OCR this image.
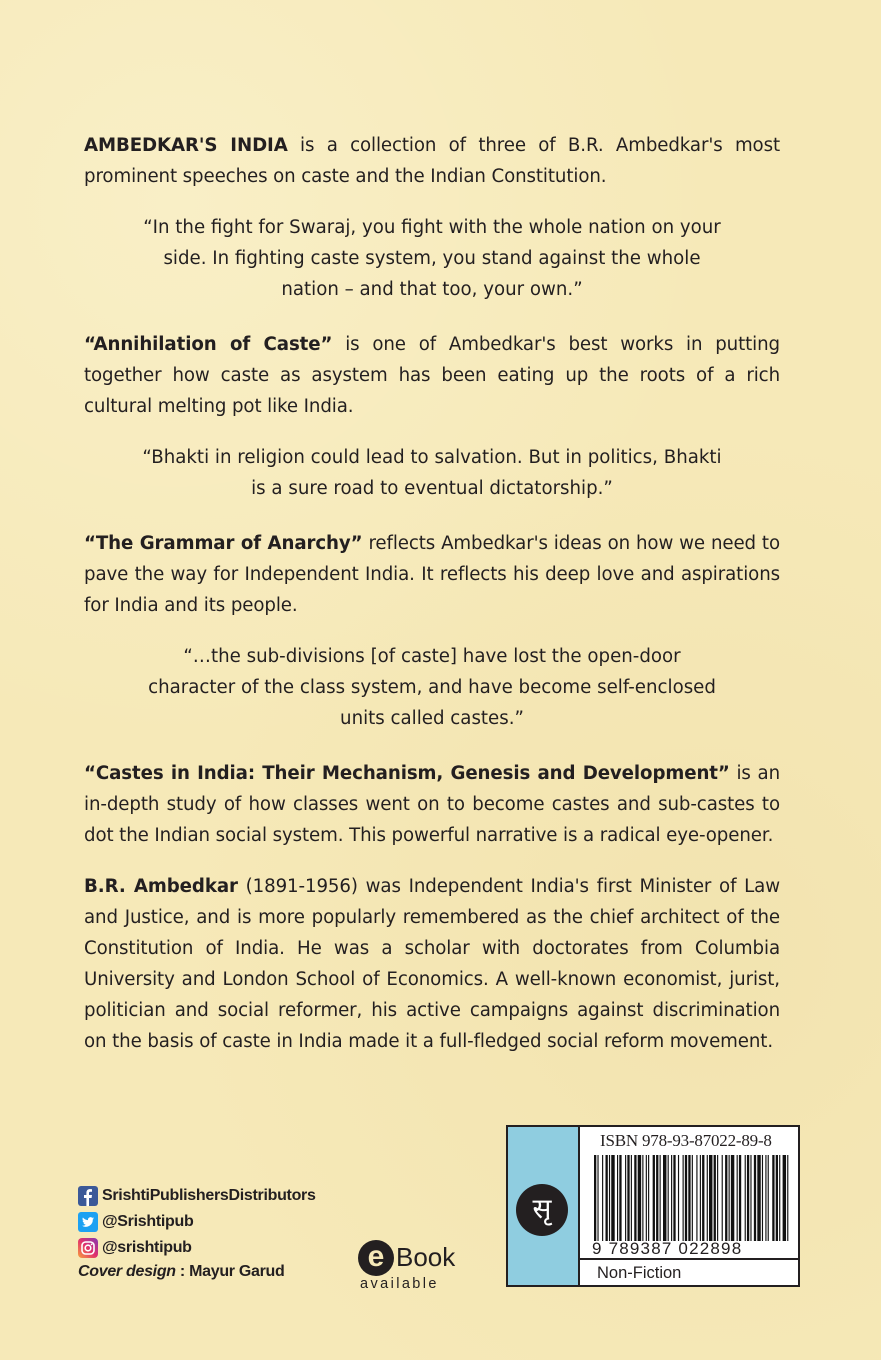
AMBEDKAR'S INDIA is a collection of three of B.R. Ambedkar's most prominent speeches on caste and the Indian Constitution.

“In the fight for Swaraj, you fight with the whole nation on your side. In fighting caste system, you stand against the whole nation – and that too, your own.”

“Annihilation of Caste” is one of Ambedkar's best works in putting together how caste as asystem has been eating up the roots of a rich cultural melting pot like India.

“Bhakti in religion could lead to salvation. But in politics, Bhakti is a sure road to eventual dictatorship.”

“The Grammar of Anarchy” reflects Ambedkar's ideas on how we need to pave the way for Independent India. It reflects his deep love and aspirations for India and its people.

“…the sub-divisions [of caste] have lost the open-door character of the class system, and have become self-enclosed units called castes.”

“Castes in India: Their Mechanism, Genesis and Development” is an in-depth study of how classes went on to become castes and sub-castes to dot the Indian social system. This powerful narrative is a radical eye-opener.

B.R. Ambedkar (1891-1956) was Independent India's first Minister of Law and Justice, and is more popularly remembered as the chief architect of the Constitution of India. He was a scholar with doctorates from Columbia University and London School of Economics. A well-known economist, jurist, politician and social reformer, his active campaigns against discrimination on the basis of caste in India made it a full-fledged social reform movement.

SrishtiPublishersDistributors
@Srishtipub
@srishtipub
Cover design : Mayur Garud	e Book
available
सृ
ISBN 978-93-87022-89-8
9 789387 022898
Non-Fiction
